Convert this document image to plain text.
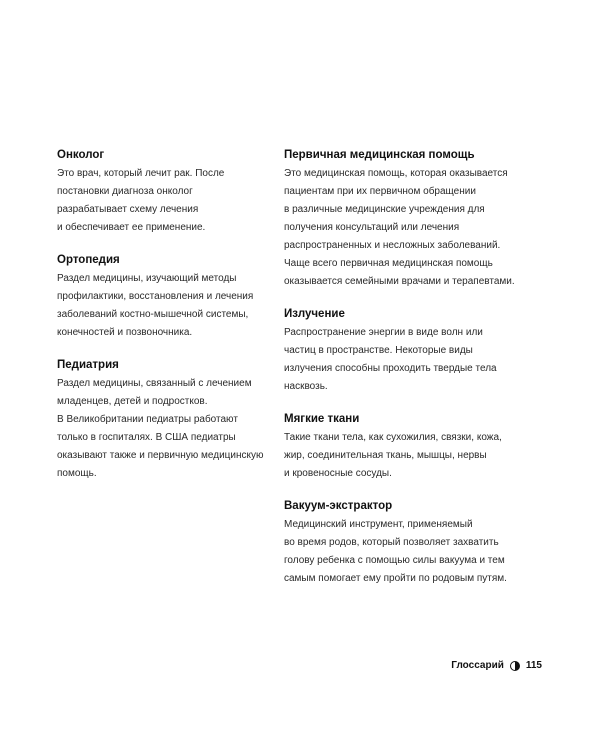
Онколог
Это врач, который лечит рак. После
постановки диагноза онколог
разрабатывает схему лечения
и обеспечивает ее применение.
Ортопедия
Раздел медицины, изучающий методы
профилактики, восстановления и лечения
заболеваний костно-мышечной системы,
конечностей и позвоночника.
Педиатрия
Раздел медицины, связанный с лечением
младенцев, детей и подростков.
В Великобритании педиатры работают
только в госпиталях. В США педиатры
оказывают также и первичную медицинскую
помощь.
Первичная медицинская помощь
Это медицинская помощь, которая оказывается
пациентам при их первичном обращении
в различные медицинские учреждения для
получения консультаций или лечения
распространенных и несложных заболеваний.
Чаще всего первичная медицинская помощь
оказывается семейными врачами и терапевтами.
Излучение
Распространение энергии в виде волн или
частиц в пространстве. Некоторые виды
излучения способны проходить твердые тела
насквозь.
Мягкие ткани
Такие ткани тела, как сухожилия, связки, кожа,
жир, соединительная ткань, мышцы, нервы
и кровеносные сосуды.
Вакуум-экстрактор
Медицинский инструмент, применяемый
во время родов, который позволяет захватить
голову ребенка с помощью силы вакуума и тем
самым помогает ему пройти по родовым путям.
Глоссарий 115
